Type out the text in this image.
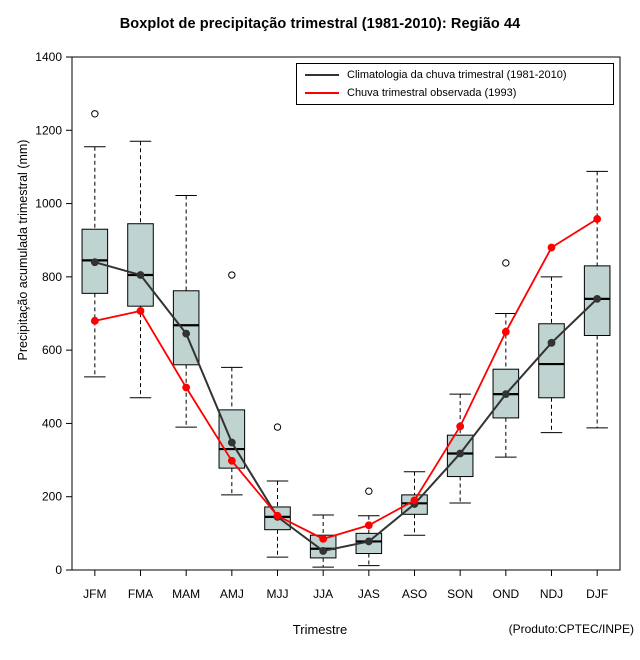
Boxplot de precipitação trimestral (1981-2010): Região 44
0
200
400
600
800
1000
1200
1400
JFM FMA MAM AMJ MJJ JJA JAS ASO SON OND NDJ DJF
Precipitação acumulada trimestral (mm)
Trimestre	(Produto:CPTEC/INPE)
Climatologia da chuva trimestral (1981-2010)
Chuva trimestral observada (1993)
